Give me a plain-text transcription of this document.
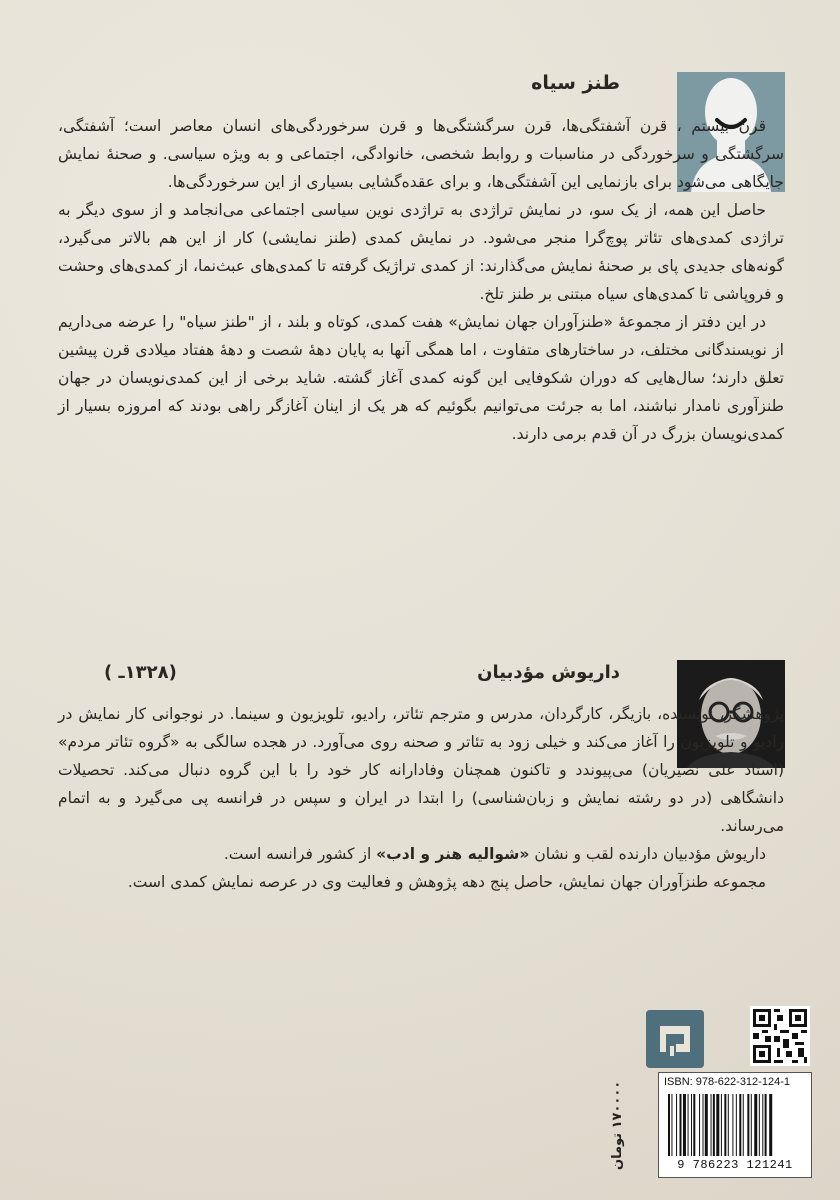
طنز سیاه

قرن بیستم ، قرن آشفتگی‌ها، قرن سرگشتگی‌ها و قرن سرخوردگی‌های انسان معاصر است؛ آشفتگی، سرگشتگی و سرخوردگی در مناسبات و روابط شخصی، خانوادگی، اجتماعی و به ویژه سیاسی. و صحنهٔ نمایش جایگاهی می‌شود برای بازنمایی این آشفتگی‌ها، و برای عقده‌گشایی بسیاری از این سرخوردگی‌ها.

حاصل این همه، از یک سو، در نمایش تراژدی به تراژدی نوین سیاسی اجتماعی می‌انجامد و از سوی دیگر به تراژدی کمدی‌های تئاتر پوچ‌گرا منجر می‌شود. در نمایش کمدی (طنز نمایشی) کار از این هم بالاتر می‌گیرد، گونه‌های جدیدی پای بر صحنهٔ نمایش می‌گذارند: از کمدی تراژیک گرفته تا کمدی‌های عبث‌نما، از کمدی‌های وحشت و فروپاشی تا کمدی‌های سیاه مبتنی بر طنز تلخ.

در این دفتر از مجموعهٔ «طنزآوران جهان نمایش» هفت کمدی، کوتاه و بلند ، از "طنز سیاه" را عرضه می‌داریم از نویسندگانی مختلف، در ساختارهای متفاوت ، اما همگی آنها به پایان دههٔ شصت و دههٔ هفتاد میلادی قرن پیشین تعلق دارند؛ سال‌هایی که دوران شکوفایی این گونه کمدی آغاز گشته. شاید برخی از این کمدی‌نویسان در جهان طنزآوری نامدار نباشند، اما به جرئت می‌توانیم بگوئیم که هر یک از اینان آغازگر راهی بودند که امروزه بسیار از کمدی‌نویسان بزرگ در آن قدم برمی دارند.

داریوش مؤدبیان
(۱۳۲۸ـ )

پژوهشگر، نویسنده، بازیگر، کارگردان، مدرس و مترجم تئاتر، رادیو، تلویزیون و سینما. در نوجوانی کار نمایش در رادیو و تلویزیون را آغاز می‌کند و خیلی زود به تئاتر و صحنه روی می‌آورد. در هجده سالگی به «گروه تئاتر مردم» (استاد علی نصیریان) می‌پیوندد و تاکنون همچنان وفادارانه کار خود را با این گروه دنبال می‌کند. تحصیلات دانشگاهی (در دو رشته نمایش و زبان‌شناسی) را ابتدا در ایران و سپس در فرانسه پی می‌گیرد و به اتمام می‌رساند.

داریوش مؤدبیان دارنده لقب و نشان «شوالیه هنر و ادب» از کشور فرانسه است.

مجموعه طنزآوران جهان نمایش، حاصل پنج دهه پژوهش و فعالیت وی در عرصه نمایش کمدی است.

ISBN: 978-622-312-124-1
9 786223 121241
۱۷۰۰۰۰ تومان
